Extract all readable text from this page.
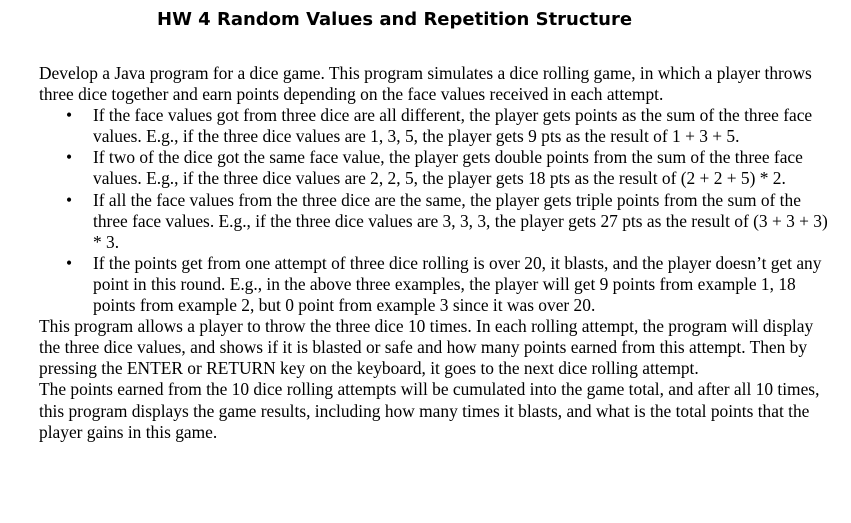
HW 4 Random Values and Repetition Structure

Develop a Java program for a dice game. This program simulates a dice rolling game, in which a player throws three dice together and earn points depending on the face values received in each attempt.

• If the face values got from three dice are all different, the player gets points as the sum of the three face values. E.g., if the three dice values are 1, 3, 5, the player gets 9 pts as the result of 1 + 3 + 5.
• If two of the dice got the same face value, the player gets double points from the sum of the three face values. E.g., if the three dice values are 2, 2, 5, the player gets 18 pts as the result of (2 + 2 + 5) * 2.
• If all the face values from the three dice are the same, the player gets triple points from the sum of the three face values. E.g., if the three dice values are 3, 3, 3, the player gets 27 pts as the result of (3 + 3 + 3) * 3.
• If the points get from one attempt of three dice rolling is over 20, it blasts, and the player doesn’t get any point in this round. E.g., in the above three examples, the player will get 9 points from example 1, 18 points from example 2, but 0 point from example 3 since it was over 20.

This program allows a player to throw the three dice 10 times. In each rolling attempt, the program will display the three dice values, and shows if it is blasted or safe and how many points earned from this attempt. Then by pressing the ENTER or RETURN key on the keyboard, it goes to the next dice rolling attempt.

The points earned from the 10 dice rolling attempts will be cumulated into the game total, and after all 10 times, this program displays the game results, including how many times it blasts, and what is the total points that the player gains in this game.
